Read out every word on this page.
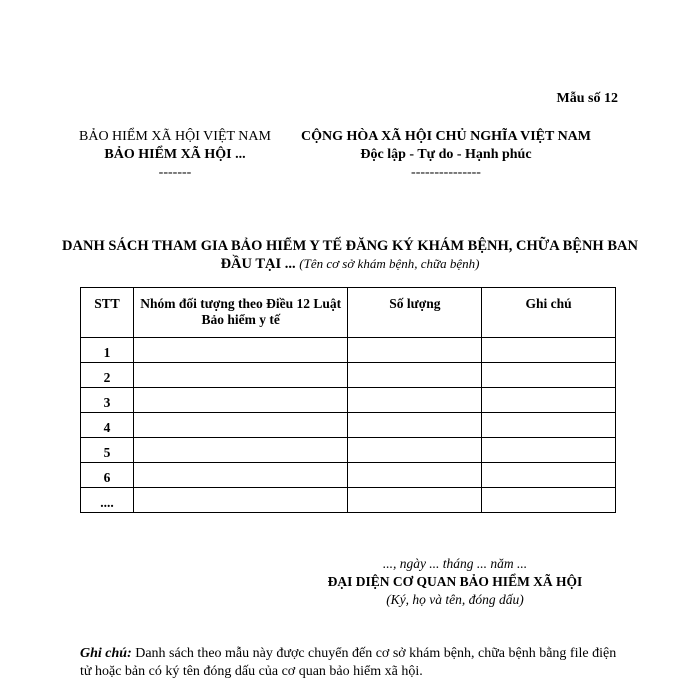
Mẫu số 12
BẢO HIỂM XÃ HỘI VIỆT NAM
BẢO HIỂM XÃ HỘI ...
-------
CỘNG HÒA XÃ HỘI CHỦ NGHĨA VIỆT NAM
Độc lập - Tự do - Hạnh phúc
---------------
DANH SÁCH THAM GIA BẢO HIỂM Y TẾ ĐĂNG KÝ KHÁM BỆNH, CHỮA BỆNH BAN ĐẦU TẠI ... (Tên cơ sở khám bệnh, chữa bệnh)
STT	Nhóm đối tượng theo Điều 12 Luật Bảo hiểm y tế	Số lượng	Ghi chú
1			
2			
3			
4			
5			
6			
....			
..., ngày ... tháng ... năm ...
ĐẠI DIỆN CƠ QUAN BẢO HIỂM XÃ HỘI
(Ký, họ và tên, đóng dấu)
Ghi chú: Danh sách theo mẫu này được chuyển đến cơ sở khám bệnh, chữa bệnh bằng file điện tử hoặc bản có ký tên đóng dấu của cơ quan bảo hiểm xã hội.
